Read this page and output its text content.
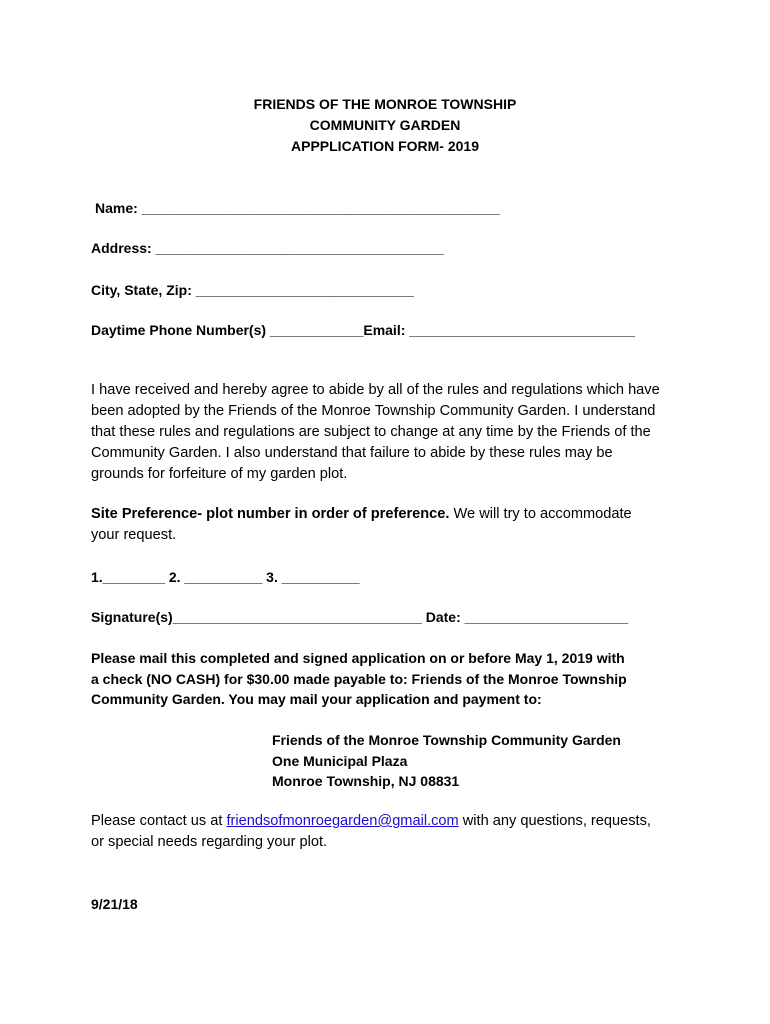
FRIENDS OF THE MONROE TOWNSHIP
COMMUNITY GARDEN
APPPLICATION FORM- 2019
Name: ______________________________________________
Address: _____________________________________
City, State, Zip: ____________________________
Daytime Phone Number(s) ____________Email: _____________________________
I have received and hereby agree to abide by all of the rules and regulations which have
been adopted by the Friends of the Monroe Township Community Garden. I understand
that these rules and regulations are subject to change at any time by the Friends of the
Community Garden. I also understand that failure to abide by these rules may be
grounds for forfeiture of my garden plot.
Site Preference- plot number in order of preference. We will try to accommodate
your request.
1.________ 2. __________ 3. __________
Signature(s)________________________________ Date: _____________________
Please mail this completed and signed application on or before May 1, 2019 with
a check (NO CASH) for $30.00 made payable to: Friends of the Monroe Township
Community Garden. You may mail your application and payment to:
Friends of the Monroe Township Community Garden
One Municipal Plaza
Monroe Township, NJ 08831
Please contact us at friendsofmonroegarden@gmail.com with any questions, requests,
or special needs regarding your plot.
9/21/18
